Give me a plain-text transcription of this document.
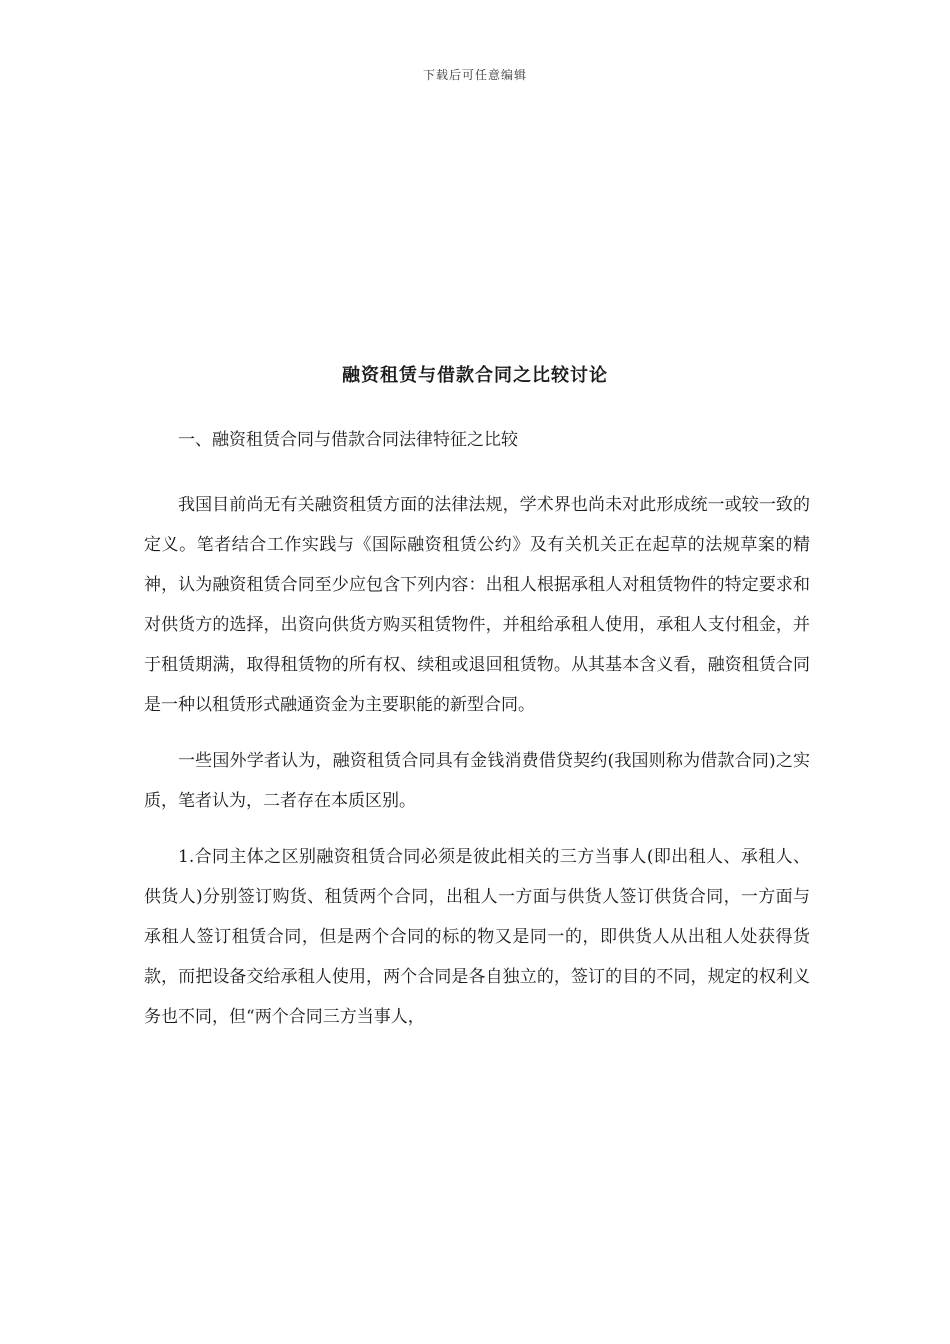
下载后可任意编辑
融资租赁与借款合同之比较讨论

一、融资租赁合同与借款合同法律特征之比较

我国目前尚无有关融资租赁方面的法律法规，学术界也尚未对此形成统一或较一致的定义。笔者结合工作实践与《国际融资租赁公约》及有关机关正在起草的法规草案的精神，认为融资租赁合同至少应包含下列内容：出租人根据承租人对租赁物件的特定要求和对供货方的选择，出资向供货方购买租赁物件，并租给承租人使用，承租人支付租金，并于租赁期满，取得租赁物的所有权、续租或退回租赁物。从其基本含义看，融资租赁合同是一种以租赁形式融通资金为主要职能的新型合同。

一些国外学者认为，融资租赁合同具有金钱消费借贷契约(我国则称为借款合同)之实质，笔者认为，二者存在本质区别。

1.合同主体之区别融资租赁合同必须是彼此相关的三方当事人(即出租人、承租人、供货人)分别签订购货、租赁两个合同，出租人一方面与供货人签订供货合同，一方面与承租人签订租赁合同，但是两个合同的标的物又是同一的，即供货人从出租人处获得货款，而把设备交给承租人使用，两个合同是各自独立的，签订的目的不同，规定的权利义务也不同，但“两个合同三方当事人，
